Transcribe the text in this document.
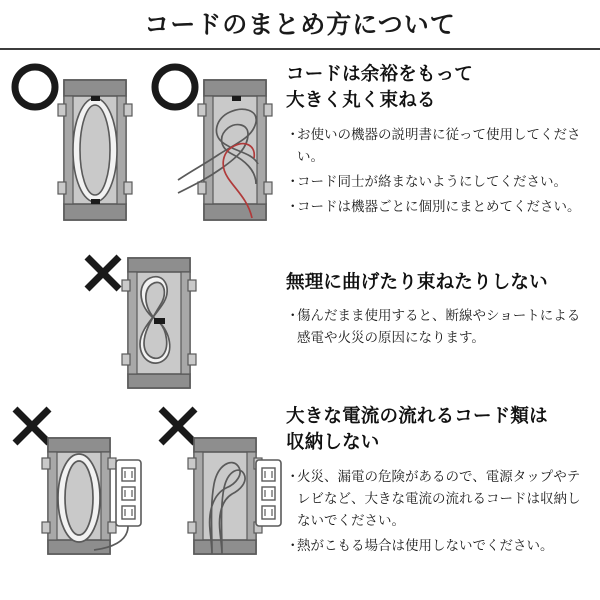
コードのまとめ方について
コードは余裕をもって
大きく丸く束ねる
・
お使いの機器の説明書に従って使用してください。
・
コード同士が絡まないようにしてください。
・
コードは機器ごとに個別にまとめてください。
無理に曲げたり束ねたりしない
・
傷んだまま使用すると、断線やショートによる感電や火災の原因になります。
大きな電流の流れるコード類は
収納しない
・
火災、漏電の危険があるので、電源タップやテレビなど、大きな電流の流れるコードは収納しないでください。
・
熱がこもる場合は使用しないでください。
